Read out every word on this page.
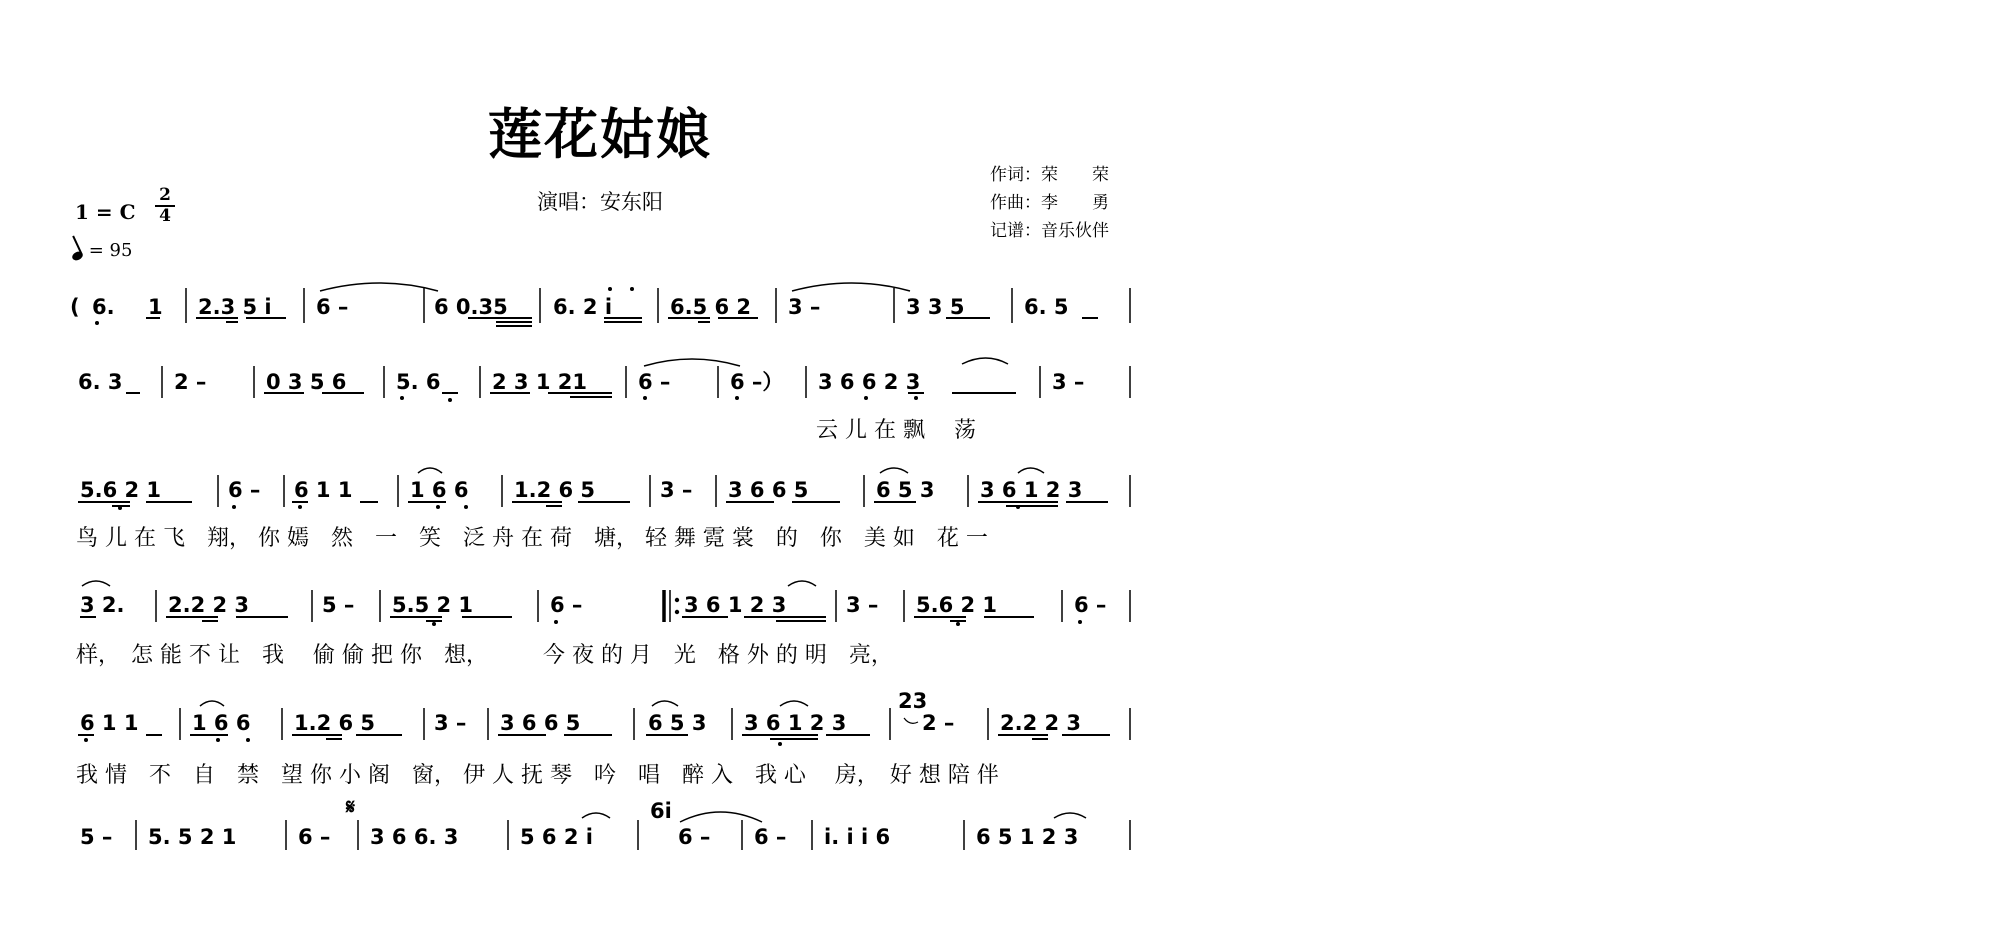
莲花姑娘
演唱：安东阳
作词：荣　　荣
作曲：李　　勇
记谱：音乐伙伴
1 = C
2
4
= 95
( 6. 1 2.3 5 i 6 –	6 0.35 6. 2 i	6.5 6 2 3 –	3 3 5	6. 5
6. 3 2 –	0 3 5 6 5. 6 2 3 1 21 6 –	6 –） 3 6 6 2 3	3 –
云 儿 在 飘　 荡
5.6 2 1	6 – 6 1 1	1 6 6 1.2 6 5	3 – 3 6 6 5	6 5 3 3 6 1 2 3
鸟 儿 在 飞　翔， 你 嫣　然　一　笑　泛 舟 在 荷　塘， 轻 舞 霓 裳　的　你　美 如　花 一
3 2. 2.2 2 3	5 – 5.5 2 1	6 –	3 6 1 2 3	3 – 5.6 2 1	6 –
样，　怎 能 不 让　我　 偷 偷 把 你　想，　　　今 夜 的 月　光　格 外 的 明　亮，
6 1 1	1 6 6 1.2 6 5	3 – 3 6 6 5	6 5 3 3 6 1 2 3
23
2 – 2.2 2 3
我 情　不　自　禁　望 你 小 阁　窗， 伊 人 抚 琴　吟　唱　醉 入　我 心　 房，　好 想 陪 伴
5 – 5. 5 2 1	6 –
𝄋
3 6 6. 3	5 6 2 i
6i
6 – 6 – i. i i 6	6 5 1 2 3
